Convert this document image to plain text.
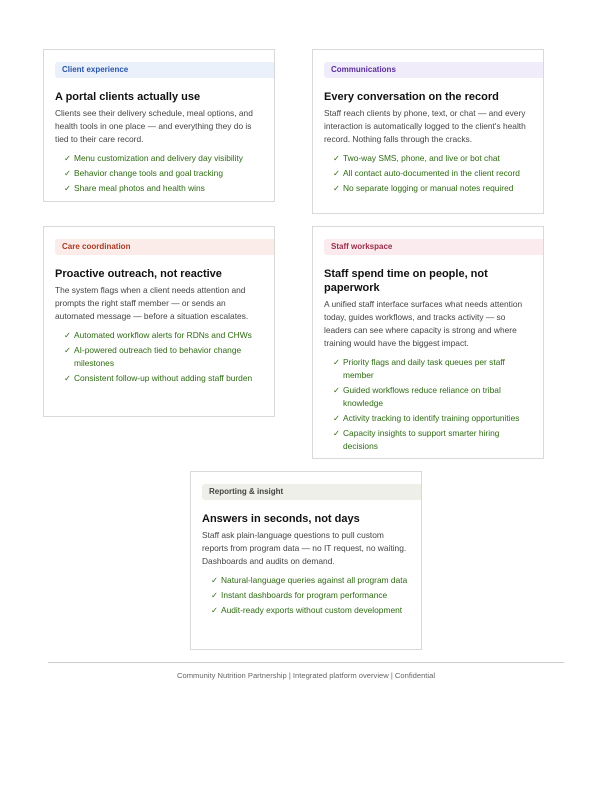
Client experience
A portal clients actually use
Clients see their delivery schedule, meal options, and health tools in one place — and everything they do is tied to their care record.
✓ Menu customization and delivery day visibility
✓ Behavior change tools and goal tracking
✓ Share meal photos and health wins
Communications
Every conversation on the record
Staff reach clients by phone, text, or chat — and every interaction is automatically logged to the client's health record. Nothing falls through the cracks.
✓ Two-way SMS, phone, and live or bot chat
✓ All contact auto-documented in the client record
✓ No separate logging or manual notes required
Care coordination
Proactive outreach, not reactive
The system flags when a client needs attention and prompts the right staff member — or sends an automated message — before a situation escalates.
✓ Automated workflow alerts for RDNs and CHWs
✓ AI-powered outreach tied to behavior change milestones
✓ Consistent follow-up without adding staff burden
Staff workspace
Staff spend time on people, not paperwork
A unified staff interface surfaces what needs attention today, guides workflows, and tracks activity — so leaders can see where capacity is strong and where training would have the biggest impact.
✓ Priority flags and daily task queues per staff member
✓ Guided workflows reduce reliance on tribal knowledge
✓ Activity tracking to identify training opportunities
✓ Capacity insights to support smarter hiring decisions
Reporting & insight
Answers in seconds, not days
Staff ask plain-language questions to pull custom reports from program data — no IT request, no waiting. Dashboards and audits on demand.
✓ Natural-language queries against all program data
✓ Instant dashboards for program performance
✓ Audit-ready exports without custom development
Community Nutrition Partnership | Integrated platform overview | Confidential
